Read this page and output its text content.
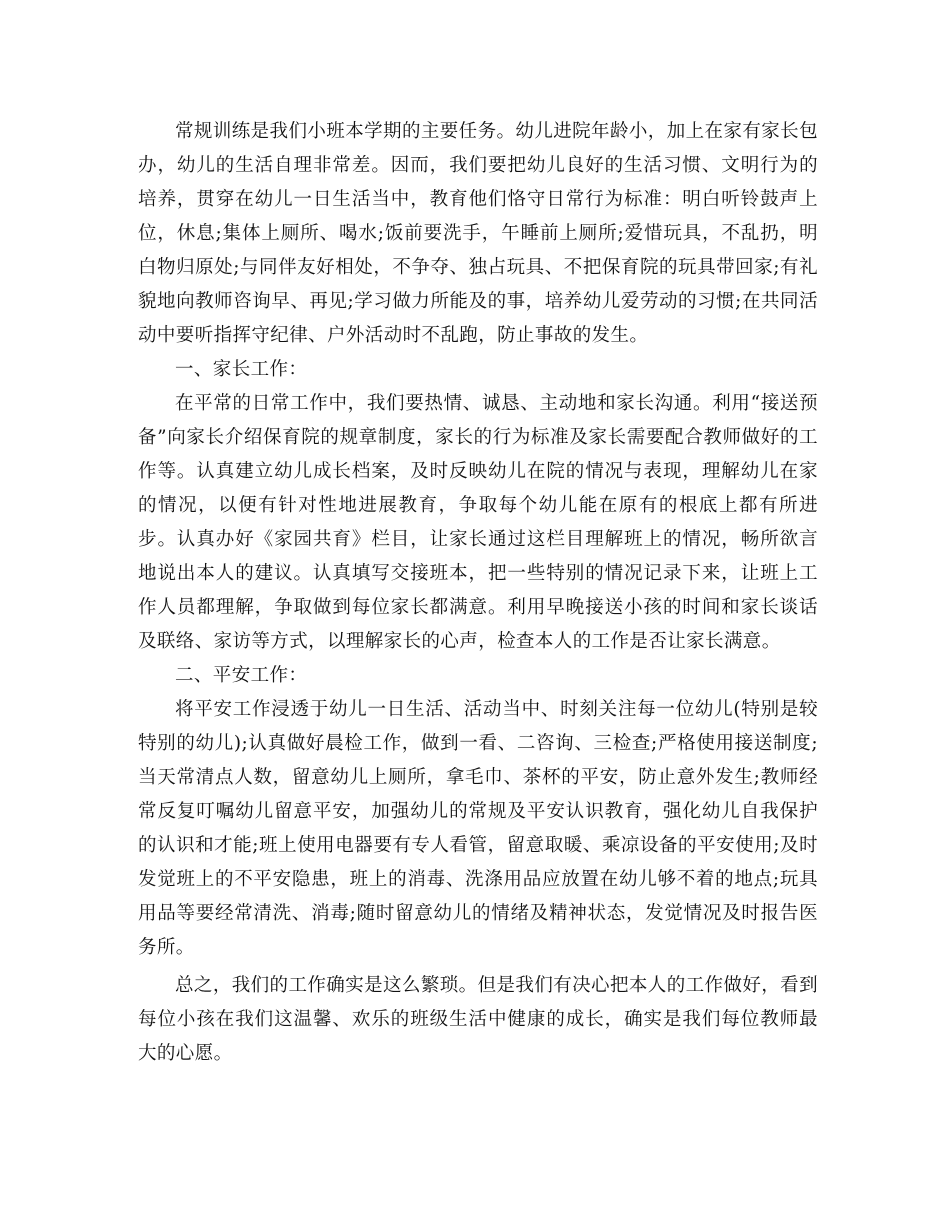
常规训练是我们小班本学期的主要任务。幼儿进院年龄小，加上在家有家长包办，幼儿的生活自理非常差。因而，我们要把幼儿良好的生活习惯、文明行为的培养，贯穿在幼儿一日生活当中，教育他们恪守日常行为标准：明白听铃鼓声上位，休息;集体上厕所、喝水;饭前要洗手，午睡前上厕所;爱惜玩具，不乱扔，明白物归原处;与同伴友好相处，不争夺、独占玩具、不把保育院的玩具带回家;有礼貌地向教师咨询早、再见;学习做力所能及的事，培养幼儿爱劳动的习惯;在共同活动中要听指挥守纪律、户外活动时不乱跑，防止事故的发生。

一、家长工作：

在平常的日常工作中，我们要热情、诚恳、主动地和家长沟通。利用“接送预备”向家长介绍保育院的规章制度，家长的行为标准及家长需要配合教师做好的工作等。认真建立幼儿成长档案，及时反映幼儿在院的情况与表现，理解幼儿在家的情况，以便有针对性地进展教育，争取每个幼儿能在原有的根底上都有所进步。认真办好《家园共育》栏目，让家长通过这栏目理解班上的情况，畅所欲言地说出本人的建议。认真填写交接班本，把一些特别的情况记录下来，让班上工作人员都理解，争取做到每位家长都满意。利用早晚接送小孩的时间和家长谈话及联络、家访等方式，以理解家长的心声，检查本人的工作是否让家长满意。

二、平安工作：

将平安工作浸透于幼儿一日生活、活动当中、时刻关注每一位幼儿(特别是较特别的幼儿);认真做好晨检工作，做到一看、二咨询、三检查;严格使用接送制度;当天常清点人数，留意幼儿上厕所，拿毛巾、茶杯的平安，防止意外发生;教师经常反复叮嘱幼儿留意平安，加强幼儿的常规及平安认识教育，强化幼儿自我保护的认识和才能;班上使用电器要有专人看管，留意取暖、乘凉设备的平安使用;及时发觉班上的不平安隐患，班上的消毒、洗涤用品应放置在幼儿够不着的地点;玩具用品等要经常清洗、消毒;随时留意幼儿的情绪及精神状态，发觉情况及时报告医务所。

总之，我们的工作确实是这么繁琐。但是我们有决心把本人的工作做好，看到每位小孩在我们这温馨、欢乐的班级生活中健康的成长，确实是我们每位教师最大的心愿。
